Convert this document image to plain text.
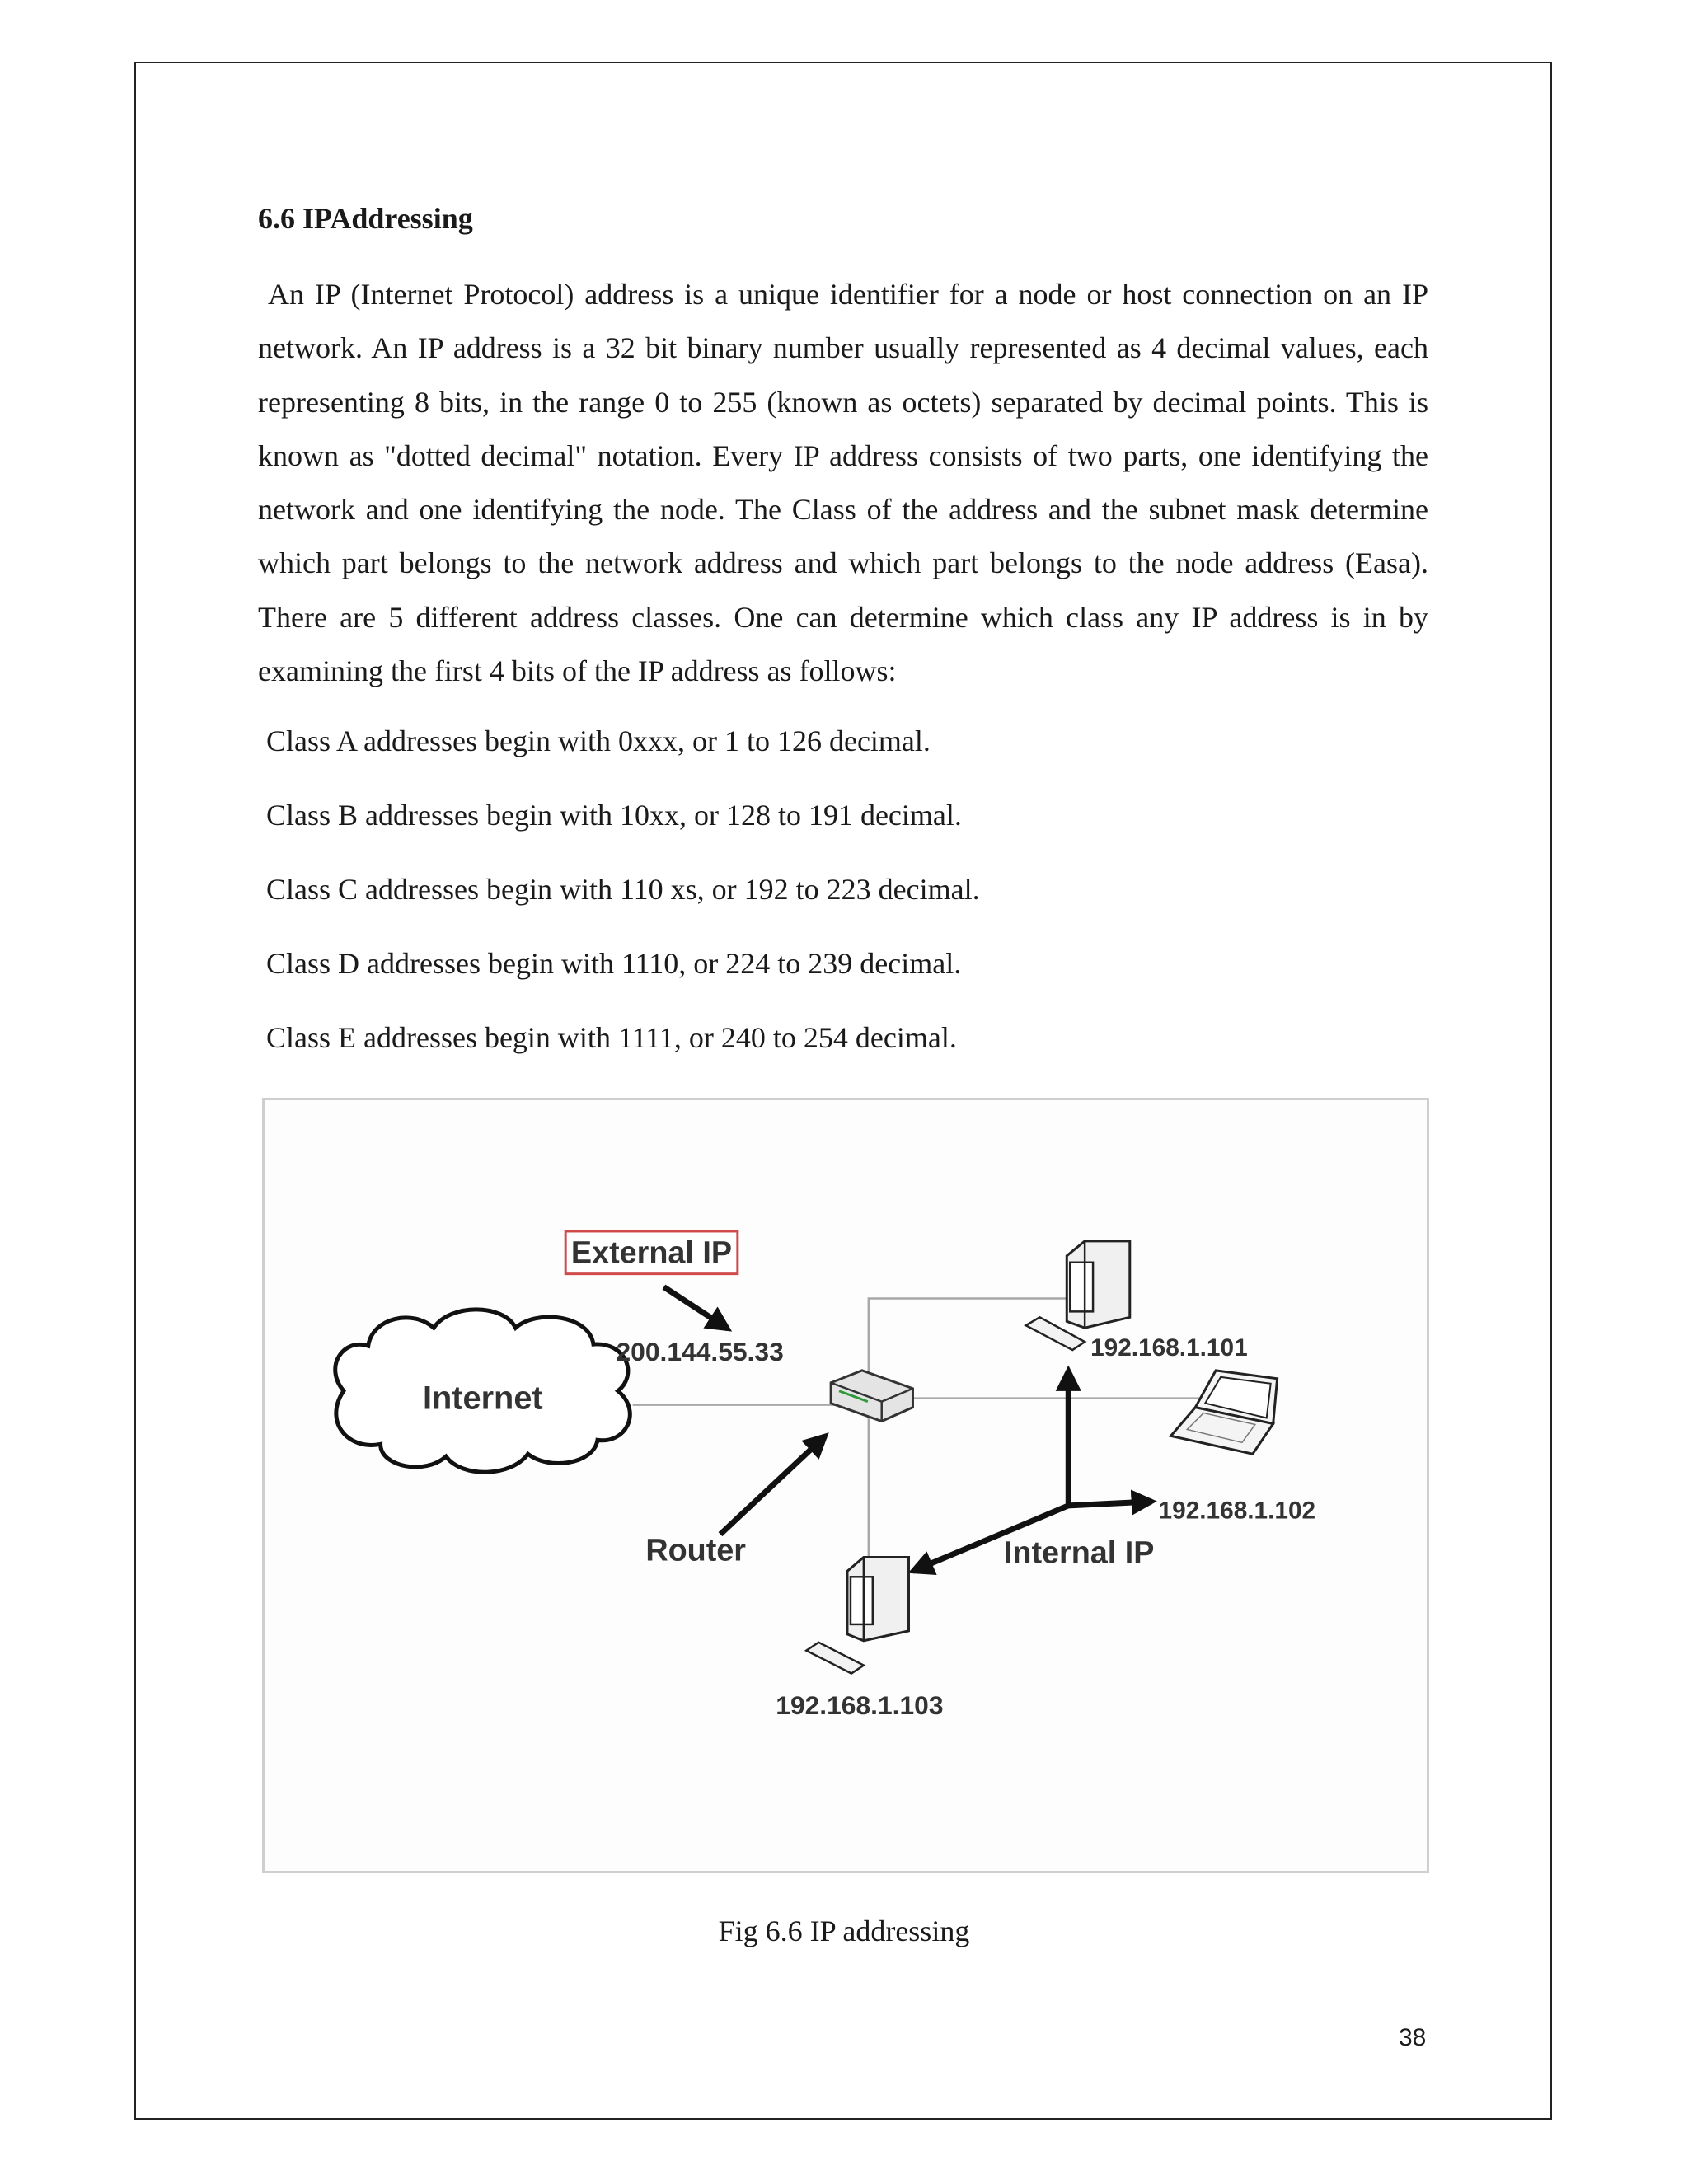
6.6 IPAddressing

An IP (Internet Protocol) address is a unique identifier for a node or host connection on an IP network. An IP address is a 32 bit binary number usually represented as 4 decimal values, each representing 8 bits, in the range 0 to 255 (known as octets) separated by decimal points. This is known as "dotted decimal" notation. Every IP address consists of two parts, one identifying the network and one identifying the node. The Class of the address and the subnet mask determine which part belongs to the network address and which part belongs to the node address (Easa). There are 5 different address classes. One can determine which class any IP address is in by examining the first 4 bits of the IP address as follows:

Class A addresses begin with 0xxx, or 1 to 126 decimal.
Class B addresses begin with 10xx, or 128 to 191 decimal.
Class C addresses begin with 110 xs, or 192 to 223 decimal.
Class D addresses begin with 1110, or 224 to 239 decimal.
Class E addresses begin with 1111, or 240 to 254 decimal.
Internet
External IP
200.144.55.33
Router	Internal IP
192.168.1.101
192.168.1.102
192.168.1.103
Fig 6.6 IP addressing
38
